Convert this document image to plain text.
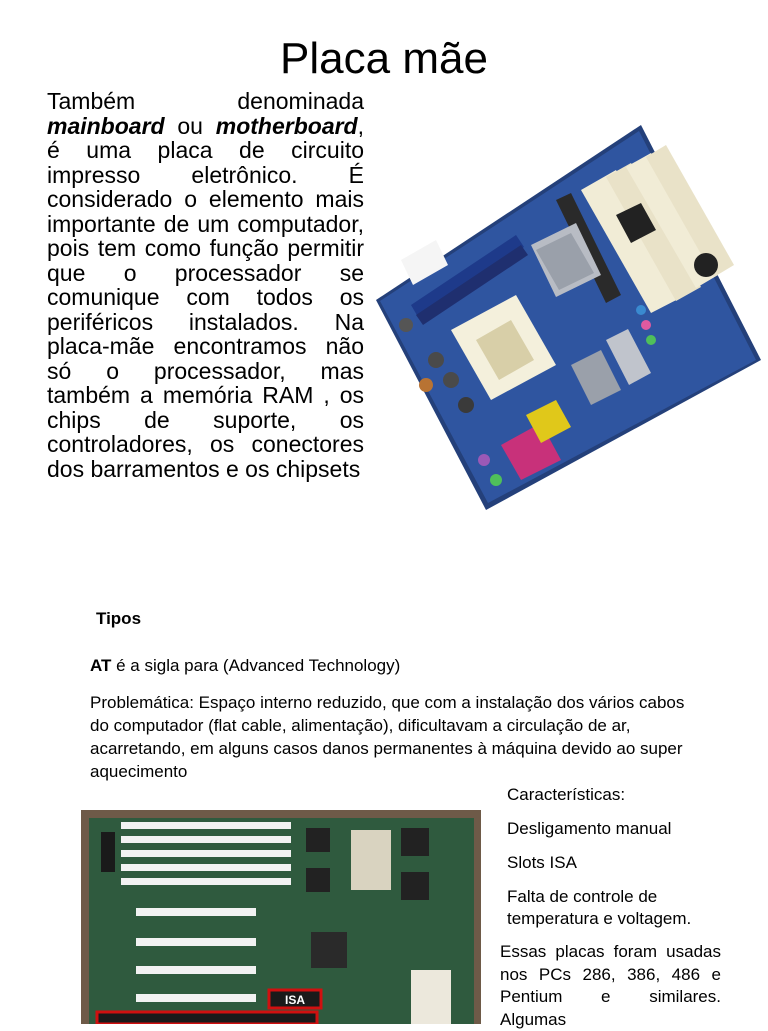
Placa mãe
Também denominada mainboard ou motherboard, é uma placa de circuito impresso eletrônico. É considerado o elemento mais importante de um computador, pois tem como função permitir que o processador se comunique com todos os periféricos instalados. Na placa-mãe encontramos não só o processador, mas também a memória RAM , os chips de suporte, os controladores, os conectores dos barramentos e os chipsets
Tipos
AT é a sigla para (Advanced Technology)
Problemática: Espaço interno reduzido, que com a instalação dos vários cabos do computador (flat cable, alimentação), dificultavam a circulação de ar, acarretando, em alguns casos danos permanentes à máquina devido ao super aquecimento
ISA
Características:
Desligamento manual
Slots ISA
Falta de controle de temperatura e voltagem.
Essas placas foram usadas nos PCs 286, 386, 486 e Pentium e similares. Algumas
